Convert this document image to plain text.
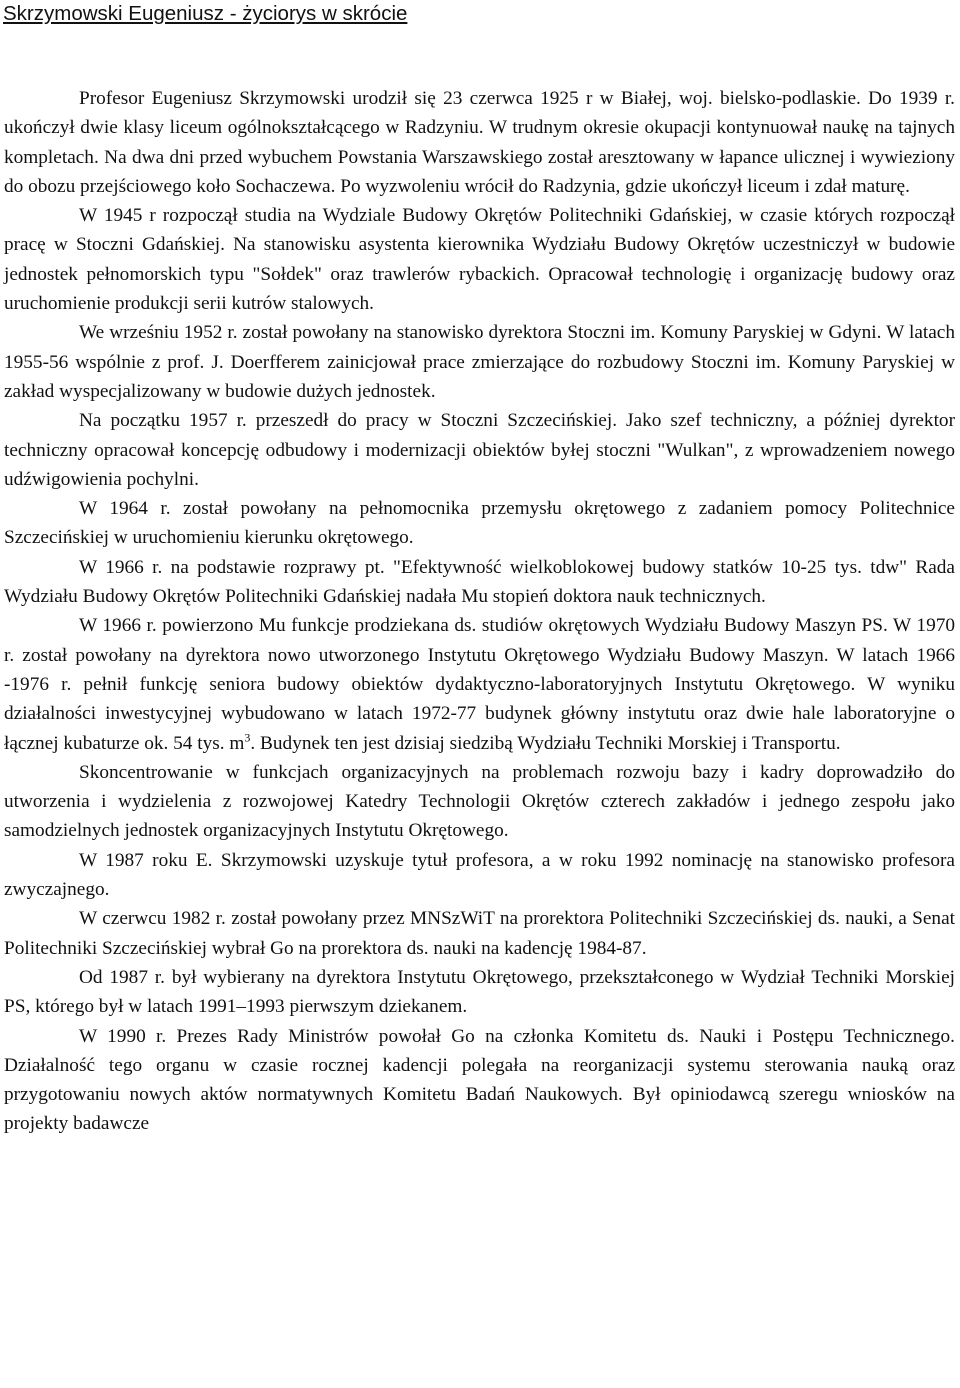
Skrzymowski Eugeniusz - życiorys w skrócie

Profesor Eugeniusz Skrzymowski urodził się 23 czerwca 1925 r w Białej, woj. bielsko-podlaskie. Do 1939 r. ukończył dwie klasy liceum ogólnokształcącego w Radzyniu. W trudnym okresie okupacji kontynuował naukę na tajnych kompletach. Na dwa dni przed wybuchem Powstania Warszawskiego został aresztowany w łapance ulicznej i wywieziony do obozu przejściowego koło Sochaczewa. Po wyzwoleniu wrócił do Radzynia, gdzie ukończył liceum i zdał maturę.

W 1945 r rozpoczął studia na Wydziale Budowy Okrętów Politechniki Gdańskiej, w czasie których rozpoczął pracę w Stoczni Gdańskiej. Na stanowisku asystenta kierownika Wydziału Budowy Okrętów uczestniczył w budowie jednostek pełnomorskich typu "Sołdek" oraz trawlerów rybackich. Opracował technologię i organizację budowy oraz uruchomienie produkcji serii kutrów stalowych.

We wrześniu 1952 r. został powołany na stanowisko dyrektora Stoczni im. Komuny Paryskiej w Gdyni. W latach 1955-56 wspólnie z prof. J. Doerfferem zainicjował prace zmierzające do rozbudowy Stoczni im. Komuny Paryskiej w zakład wyspecjalizowany w budowie dużych jednostek.

Na początku 1957 r. przeszedł do pracy w Stoczni Szczecińskiej. Jako szef techniczny, a później dyrektor techniczny opracował koncepcję odbudowy i modernizacji obiektów byłej stoczni "Wulkan", z wprowadzeniem nowego udźwigowienia pochylni.

W 1964 r. został powołany na pełnomocnika przemysłu okrętowego z zadaniem pomocy Politechnice Szczecińskiej w uruchomieniu kierunku okrętowego.

W 1966 r. na podstawie rozprawy pt. "Efektywność wielkoblokowej budowy statków 10-25 tys. tdw" Rada Wydziału Budowy Okrętów Politechniki Gdańskiej nadała Mu stopień doktora nauk technicznych.

W 1966 r. powierzono Mu funkcje prodziekana ds. studiów okrętowych Wydziału Budowy Maszyn PS. W 1970 r. został powołany na dyrektora nowo utworzonego Instytutu Okrętowego Wydziału Budowy Maszyn. W latach 1966 -1976 r. pełnił funkcję seniora budowy obiektów dydaktyczno-laboratoryjnych Instytutu Okrętowego. W wyniku działalności inwestycyjnej wybudowano w latach 1972-77 budynek główny instytutu oraz dwie hale laboratoryjne o łącznej kubaturze ok. 54 tys. $m^3$. Budynek ten jest dzisiaj siedzibą Wydziału Techniki Morskiej i Transportu.

Skoncentrowanie w funkcjach organizacyjnych na problemach rozwoju bazy i kadry doprowadziło do utworzenia i wydzielenia z rozwojowej Katedry Technologii Okrętów czterech zakładów i jednego zespołu jako samodzielnych jednostek organizacyjnych Instytutu Okrętowego.

W 1987 roku E. Skrzymowski uzyskuje tytuł profesora, a w roku 1992 nominację na stanowisko profesora zwyczajnego.

W czerwcu 1982 r. został powołany przez MNSzWiT na prorektora Politechniki Szczecińskiej ds. nauki, a Senat Politechniki Szczecińskiej wybrał Go na prorektora ds. nauki na kadencję 1984-87.

Od 1987 r. był wybierany na dyrektora Instytutu Okrętowego, przekształconego w Wydział Techniki Morskiej PS, którego był w latach 1991–1993 pierwszym dziekanem.

W 1990 r. Prezes Rady Ministrów powołał Go na członka Komitetu ds. Nauki i Postępu Technicznego. Działalność tego organu w czasie rocznej kadencji polegała na reorganizacji systemu sterowania nauką oraz przygotowaniu nowych aktów normatywnych Komitetu Badań Naukowych. Był opiniodawcą szeregu wniosków na projekty badawcze
